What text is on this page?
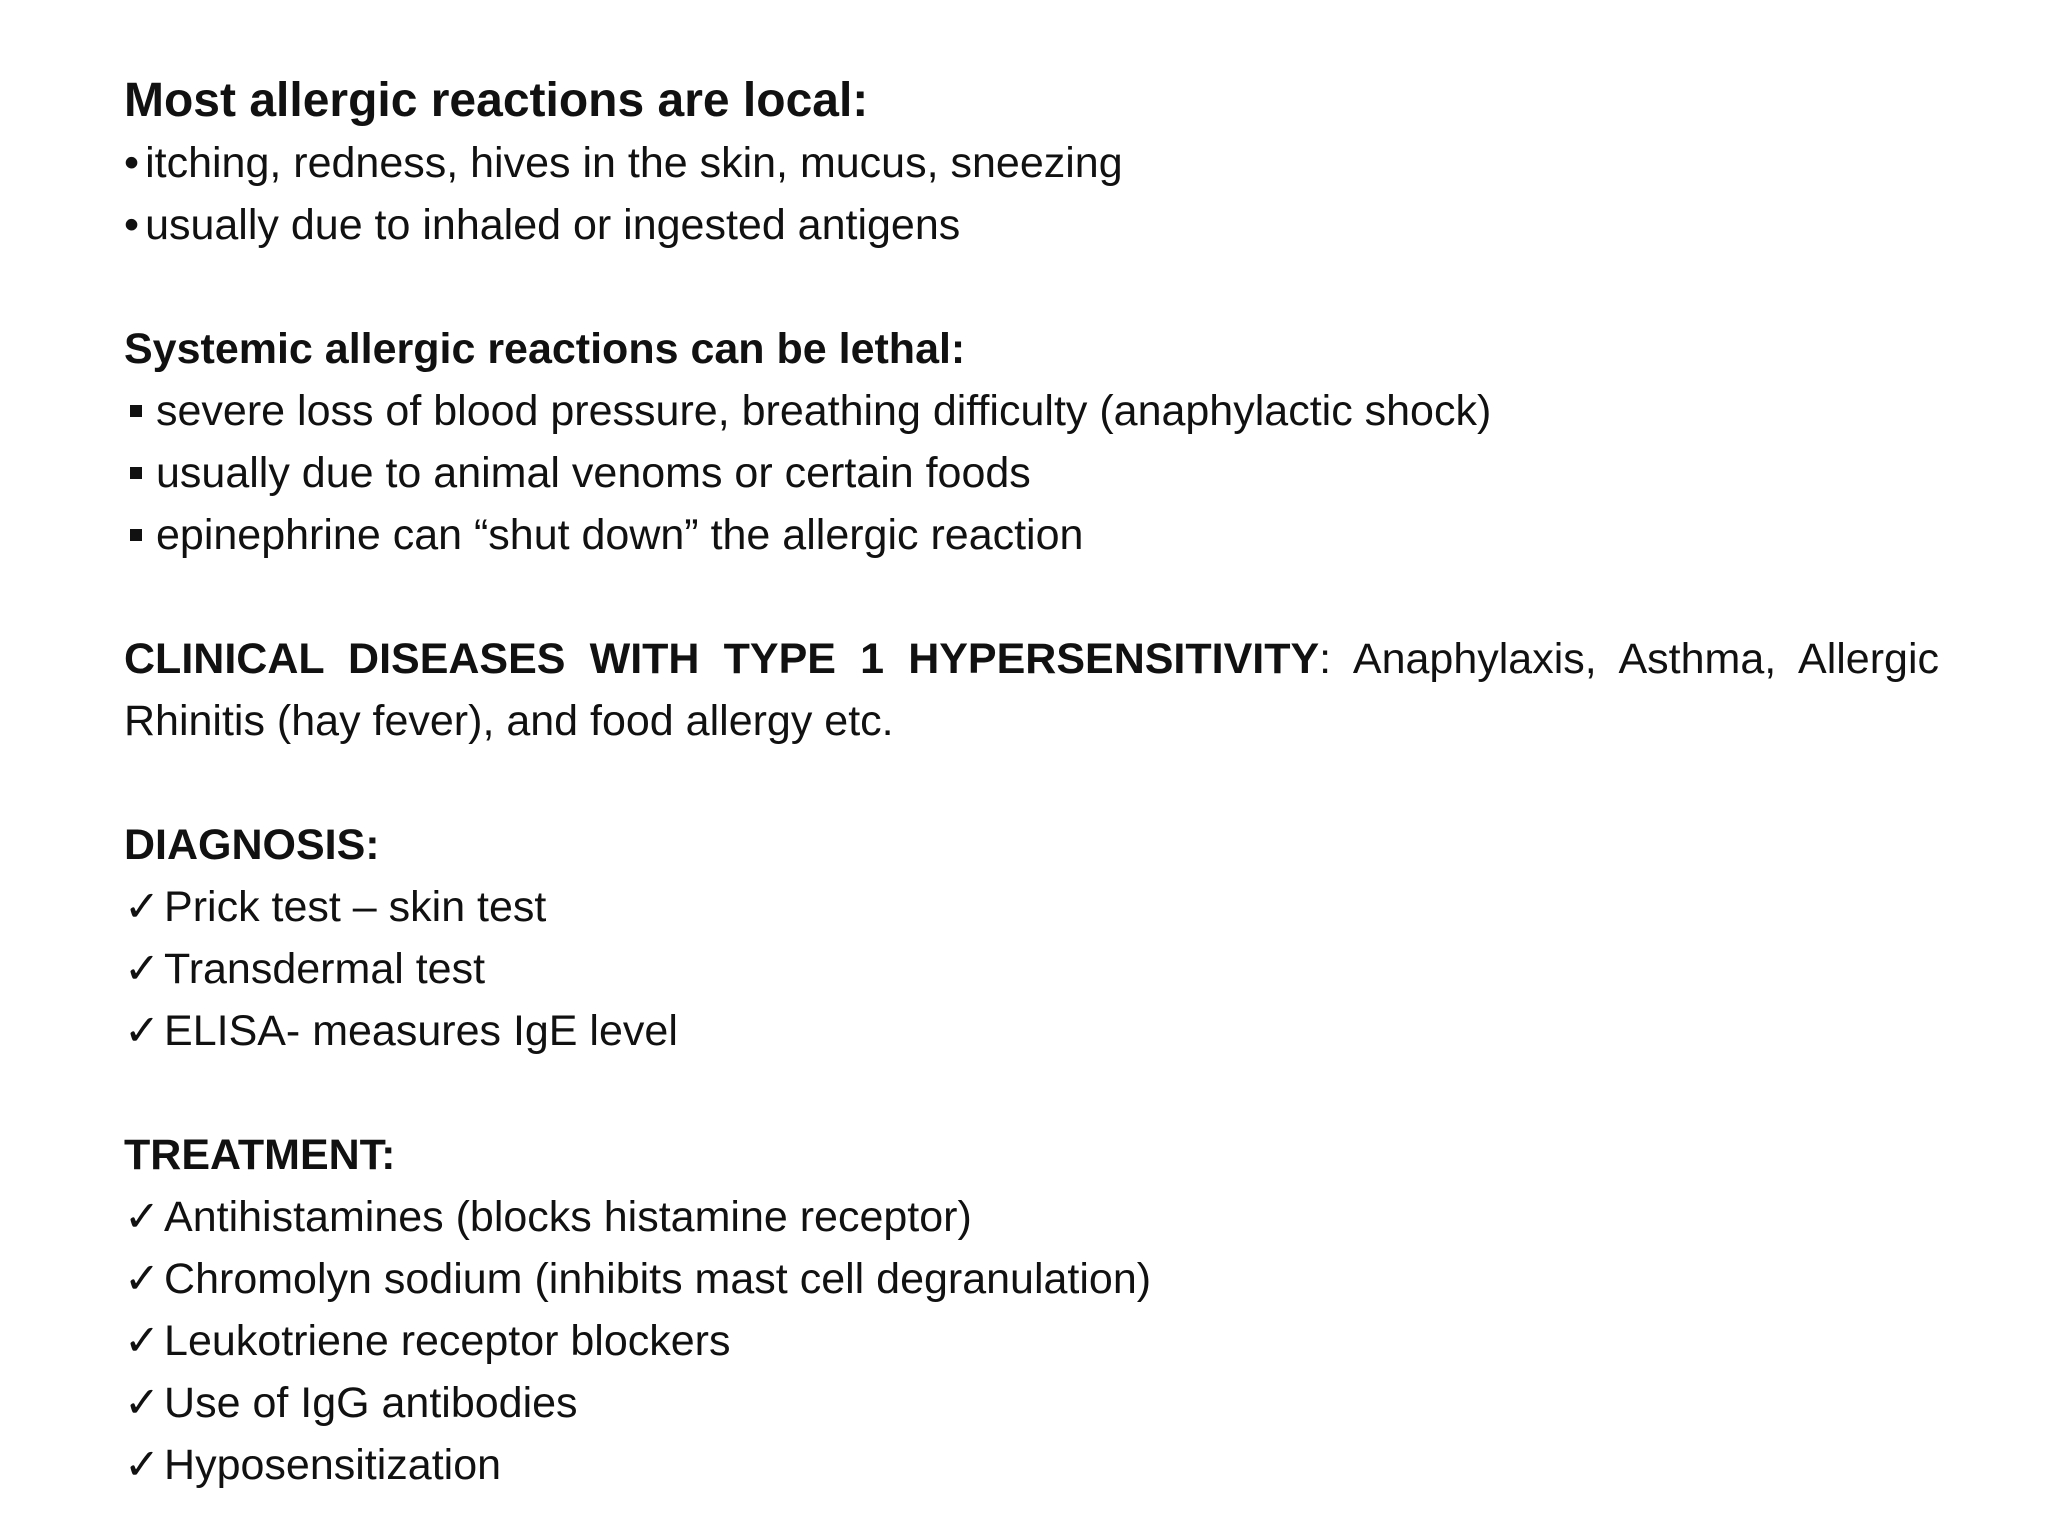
Most allergic reactions are local:
• itching, redness, hives in the skin, mucus, sneezing
• usually due to inhaled or ingested antigens
Systemic allergic reactions can be lethal:
severe loss of blood pressure, breathing difficulty (anaphylactic shock)
usually due to animal venoms or certain foods
epinephrine can “shut down” the allergic reaction
CLINICAL DISEASES WITH TYPE 1 HYPERSENSITIVITY: Anaphylaxis, Asthma, Allergic Rhinitis (hay fever), and food allergy etc.
DIAGNOSIS:
✓Prick test – skin test
✓Transdermal test
✓ELISA- measures IgE level
TREATMENT:
✓Antihistamines (blocks histamine receptor)
✓Chromolyn sodium (inhibits mast cell degranulation)
✓Leukotriene receptor blockers
✓Use of IgG antibodies
✓Hyposensitization
